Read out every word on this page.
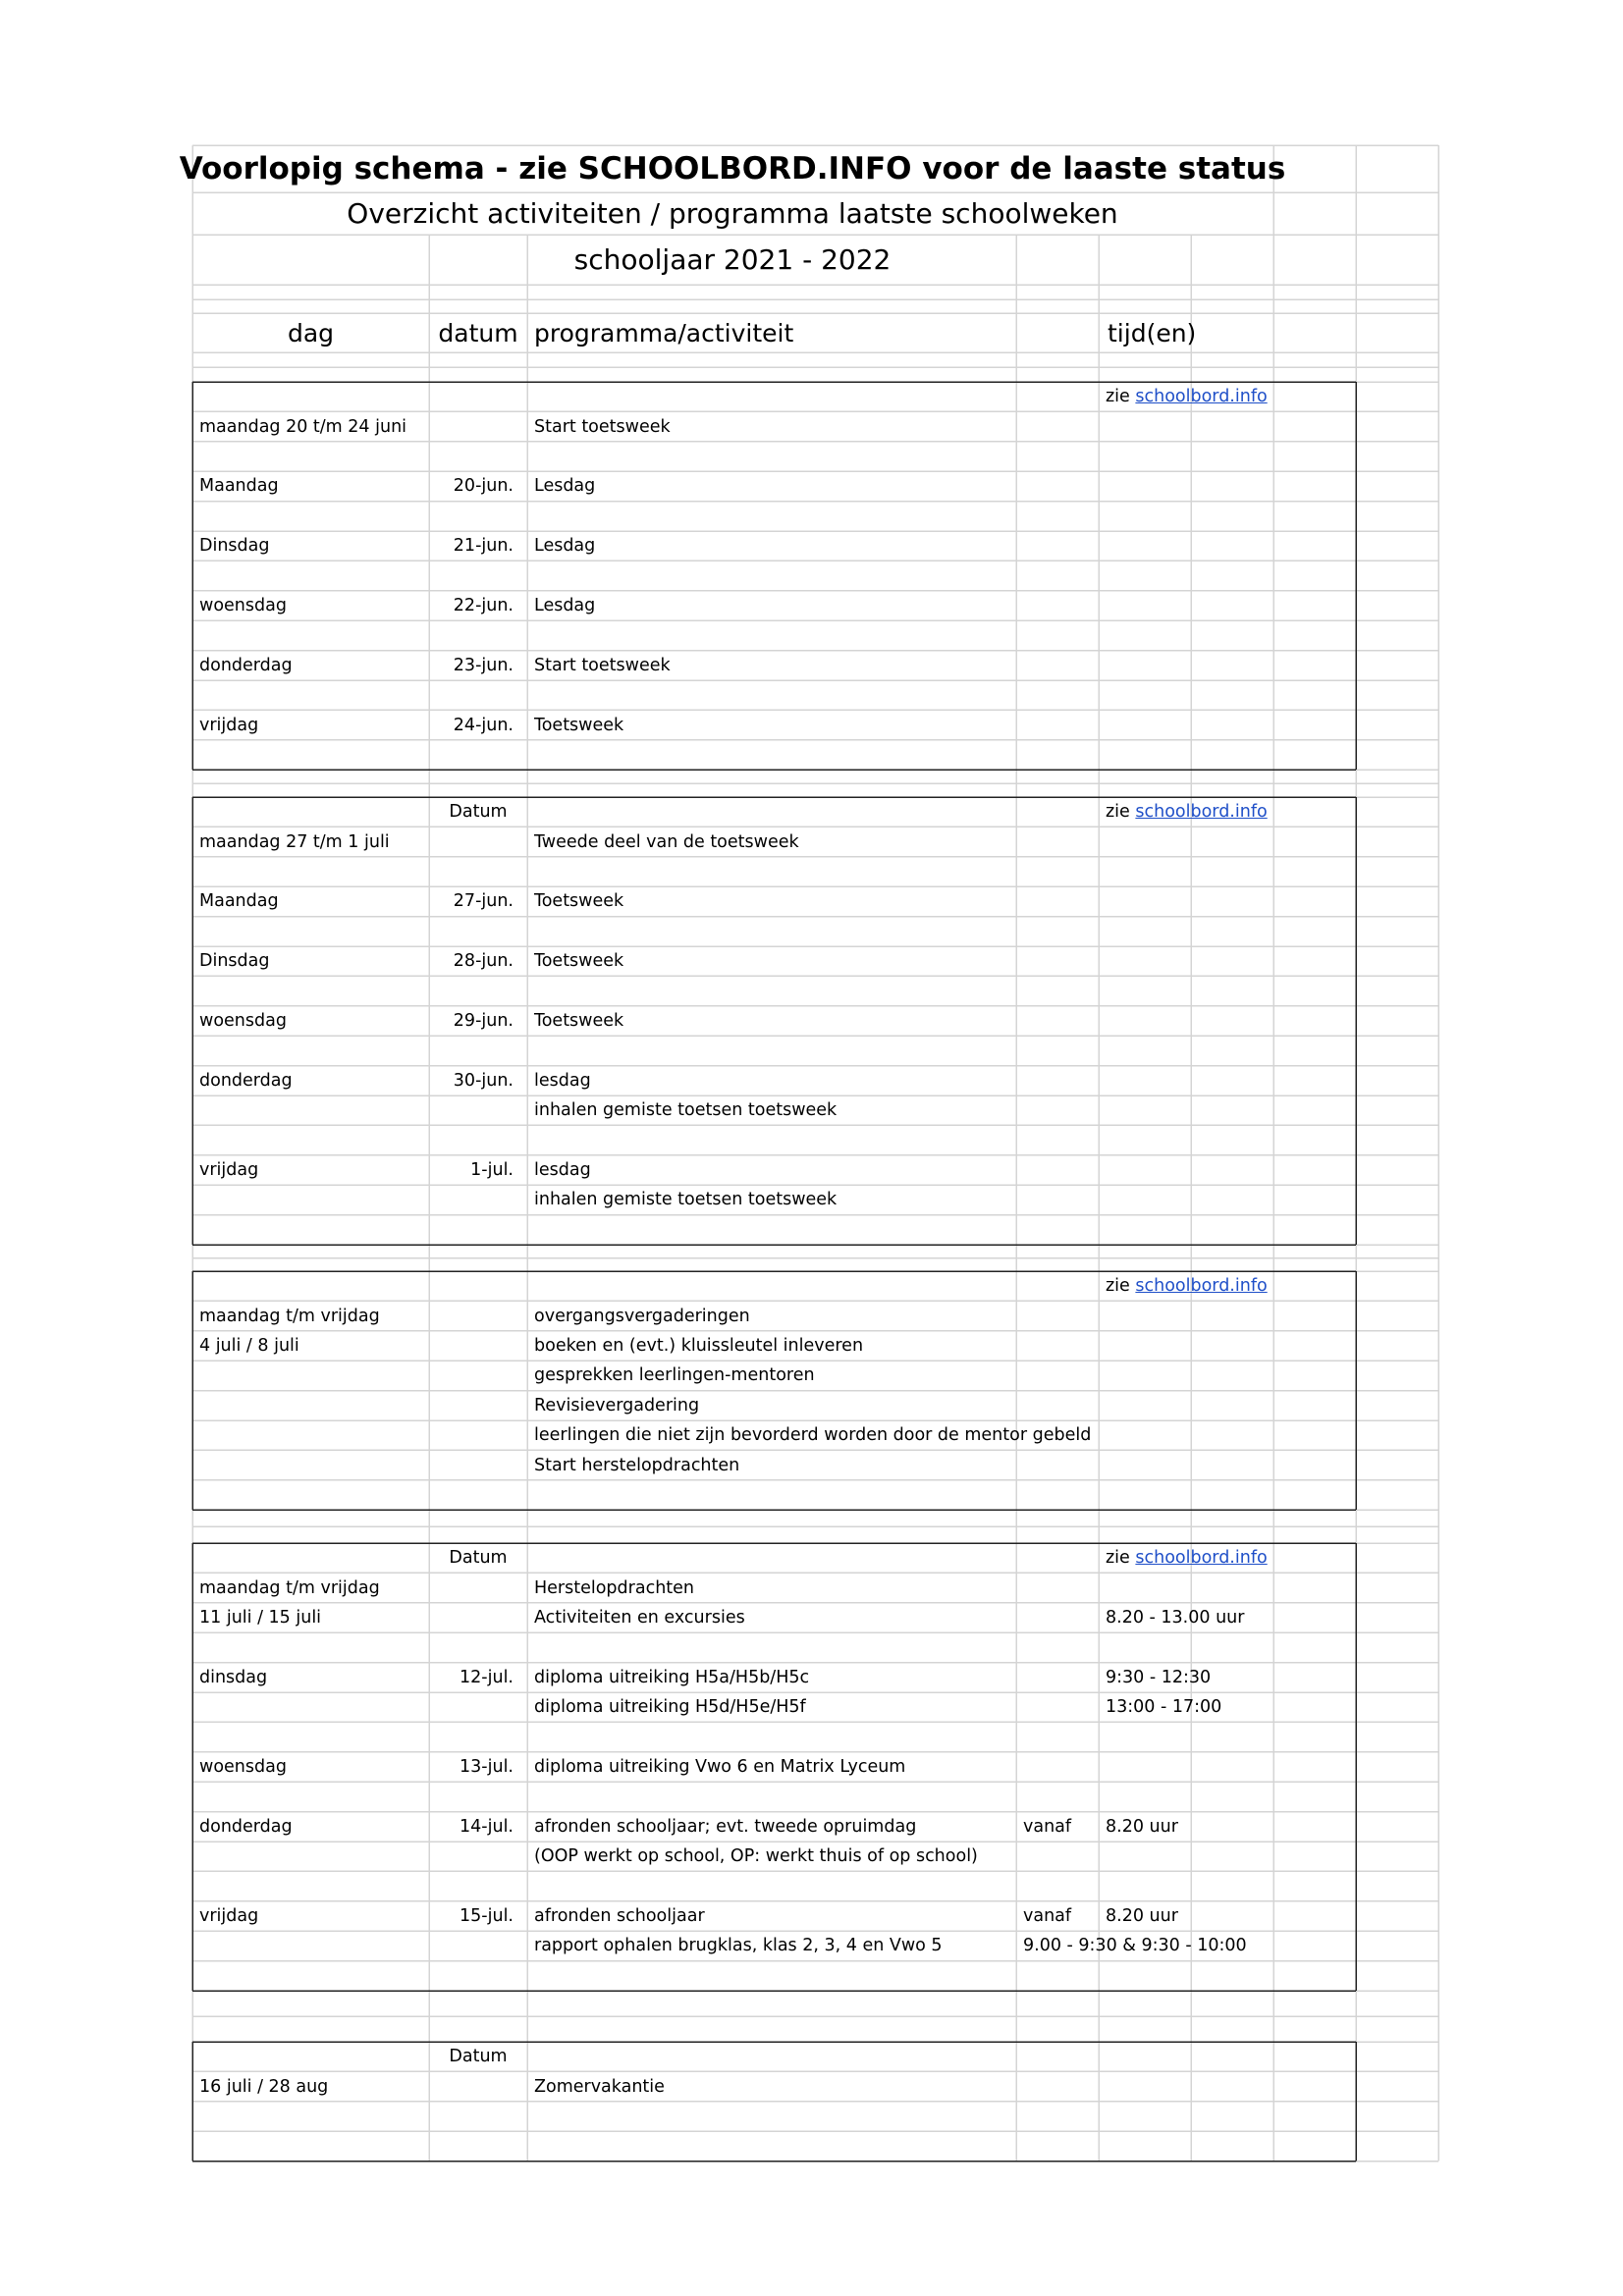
Voorlopig schema - zie SCHOOLBORD.INFO voor de laaste status
Overzicht activiteiten / programma laatste schoolweken
schooljaar 2021 - 2022
dag	datum programma/activiteit	tijd(en)
zie schoolbord.info
maandag 20 t/m 24 juni	Start toetsweek
Maandag	20-jun.	Lesdag
Dinsdag	21-jun.	Lesdag
woensdag	22-jun.	Lesdag
donderdag	23-jun.	Start toetsweek
vrijdag	24-jun.	Toetsweek
Datum	zie schoolbord.info
maandag 27 t/m 1 juli	Tweede deel van de toetsweek
Maandag	27-jun.	Toetsweek
Dinsdag	28-jun.	Toetsweek
woensdag	29-jun.	Toetsweek
donderdag	30-jun.	lesdag
inhalen gemiste toetsen toetsweek
vrijdag	1-jul.	lesdag
inhalen gemiste toetsen toetsweek
zie schoolbord.info
maandag t/m vrijdag	overgangsvergaderingen
4 juli / 8 juli	boeken en (evt.) kluissleutel inleveren
gesprekken leerlingen-mentoren
Revisievergadering
leerlingen die niet zijn bevorderd worden door de mentor gebeld
Start herstelopdrachten
Datum	zie schoolbord.info
maandag t/m vrijdag	Herstelopdrachten
11 juli / 15 juli	Activiteiten en excursies	8.20 - 13.00 uur
dinsdag	12-jul.	diploma uitreiking H5a/H5b/H5c	9:30 - 12:30
diploma uitreiking H5d/H5e/H5f	13:00 - 17:00
woensdag	13-jul.	diploma uitreiking Vwo 6 en Matrix Lyceum
donderdag	14-jul.	afronden schooljaar; evt. tweede opruimdag	vanaf	8.20 uur
(OOP werkt op school, OP: werkt thuis of op school)
vrijdag	15-jul.	afronden schooljaar	vanaf	8.20 uur
rapport ophalen brugklas, klas 2, 3, 4 en Vwo 5	9.00 - 9:30 & 9:30 - 10:00
Datum
16 juli / 28 aug	Zomervakantie
